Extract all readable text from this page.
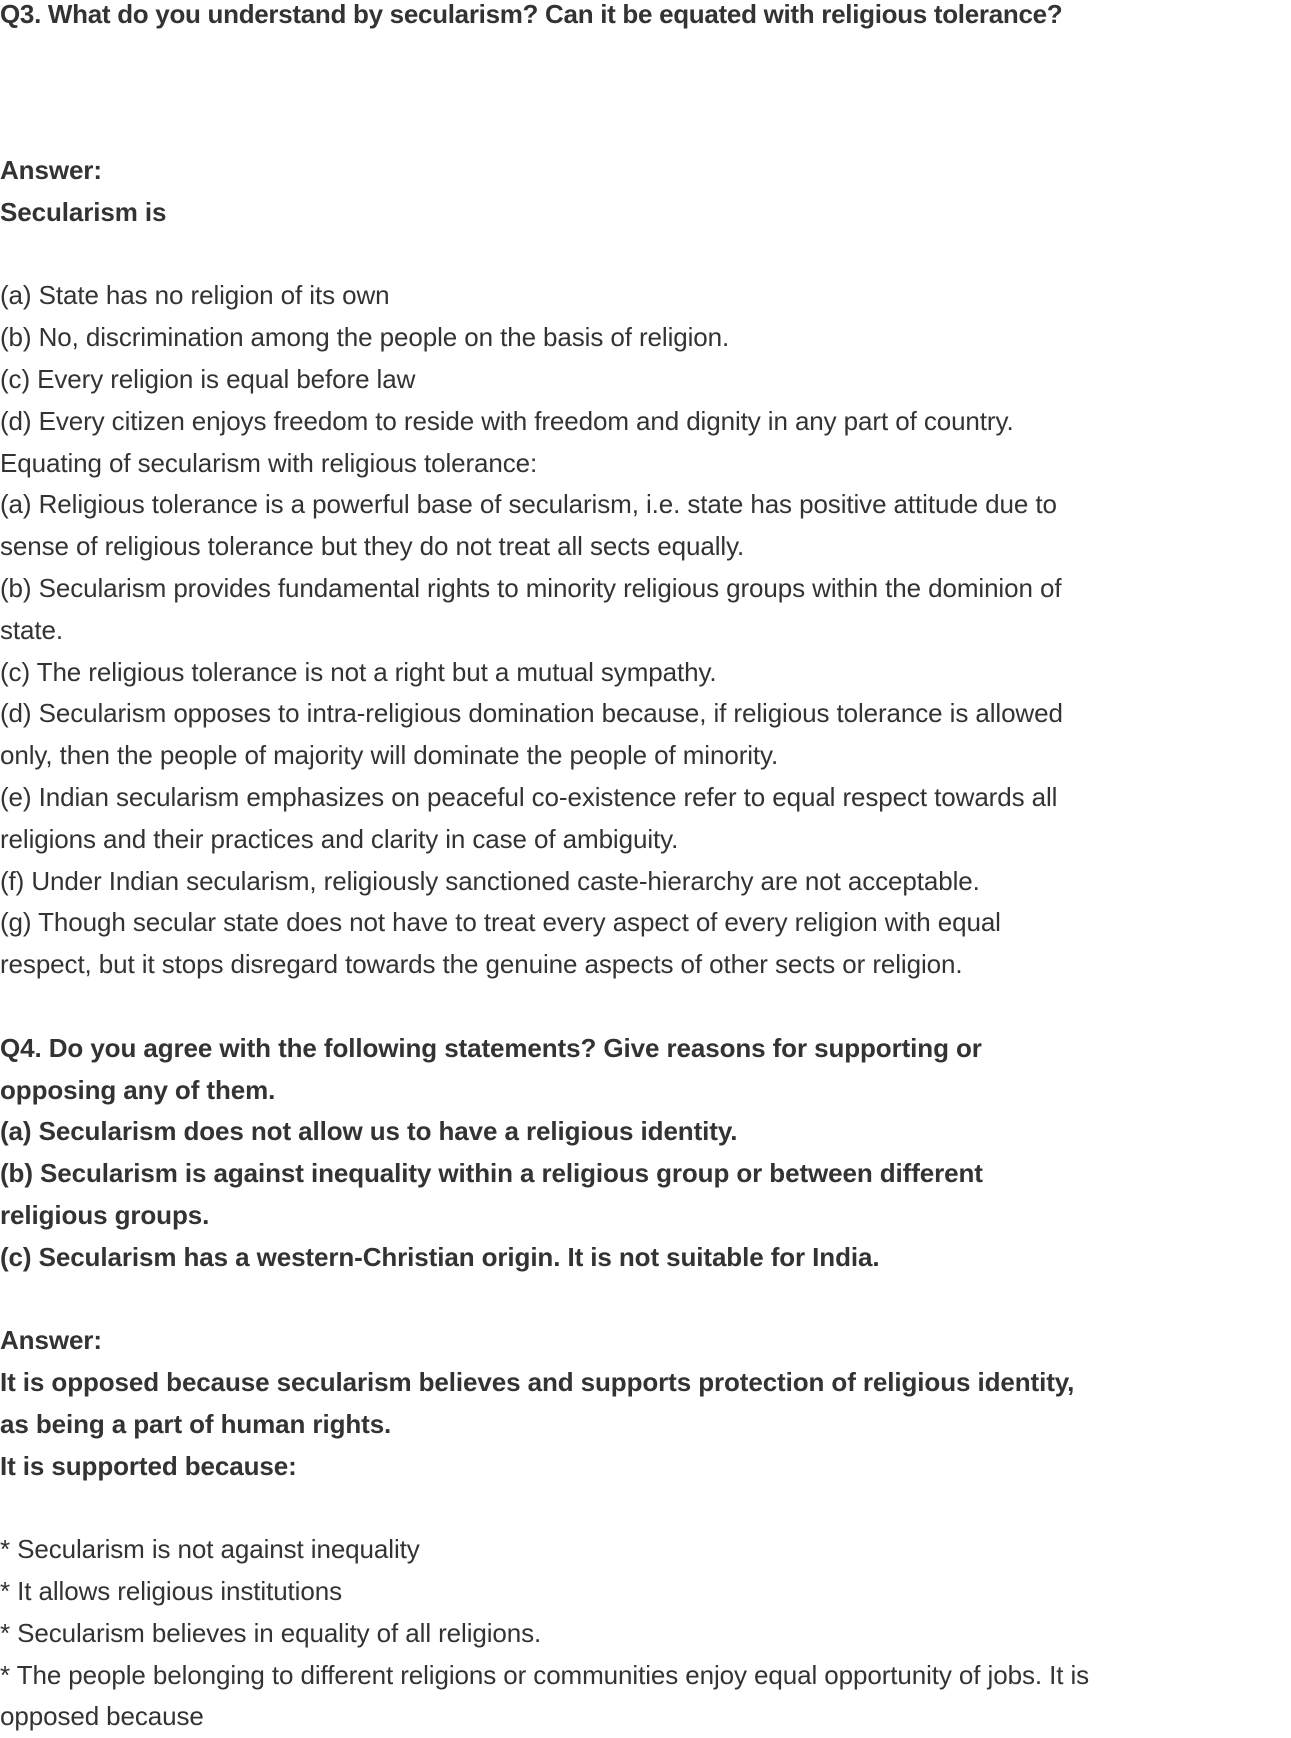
Q3. What do you understand by secularism? Can it be equated with religious tolerance?
Answer:
Secularism is
(a) State has no religion of its own
(b) No, discrimination among the people on the basis of religion.
(c) Every religion is equal before law
(d) Every citizen enjoys freedom to reside with freedom and dignity in any part of country.
Equating of secularism with religious tolerance:
(a) Religious tolerance is a powerful base of secularism, i.e. state has positive attitude due to
sense of religious tolerance but they do not treat all sects equally.
(b) Secularism provides fundamental rights to minority religious groups within the dominion of
state.
(c) The religious tolerance is not a right but a mutual sympathy.
(d) Secularism opposes to intra-religious domination because, if religious tolerance is allowed
only, then the people of majority will dominate the people of minority.
(e) Indian secularism emphasizes on peaceful co-existence refer to equal respect towards all
religions and their practices and clarity in case of ambiguity.
(f) Under Indian secularism, religiously sanctioned caste-hierarchy are not acceptable.
(g) Though secular state does not have to treat every aspect of every religion with equal
respect, but it stops disregard towards the genuine aspects of other sects or religion.
Q4. Do you agree with the following statements? Give reasons for supporting or
opposing any of them.
(a) Secularism does not allow us to have a religious identity.
(b) Secularism is against inequality within a religious group or between different
religious groups.
(c) Secularism has a western-Christian origin. It is not suitable for India.
Answer:
It is opposed because secularism believes and supports protection of religious identity,
as being a part of human rights.
It is supported because:
* Secularism is not against inequality
* It allows religious institutions
* Secularism believes in equality of all religions.
* The people belonging to different religions or communities enjoy equal opportunity of jobs. It is
opposed because
